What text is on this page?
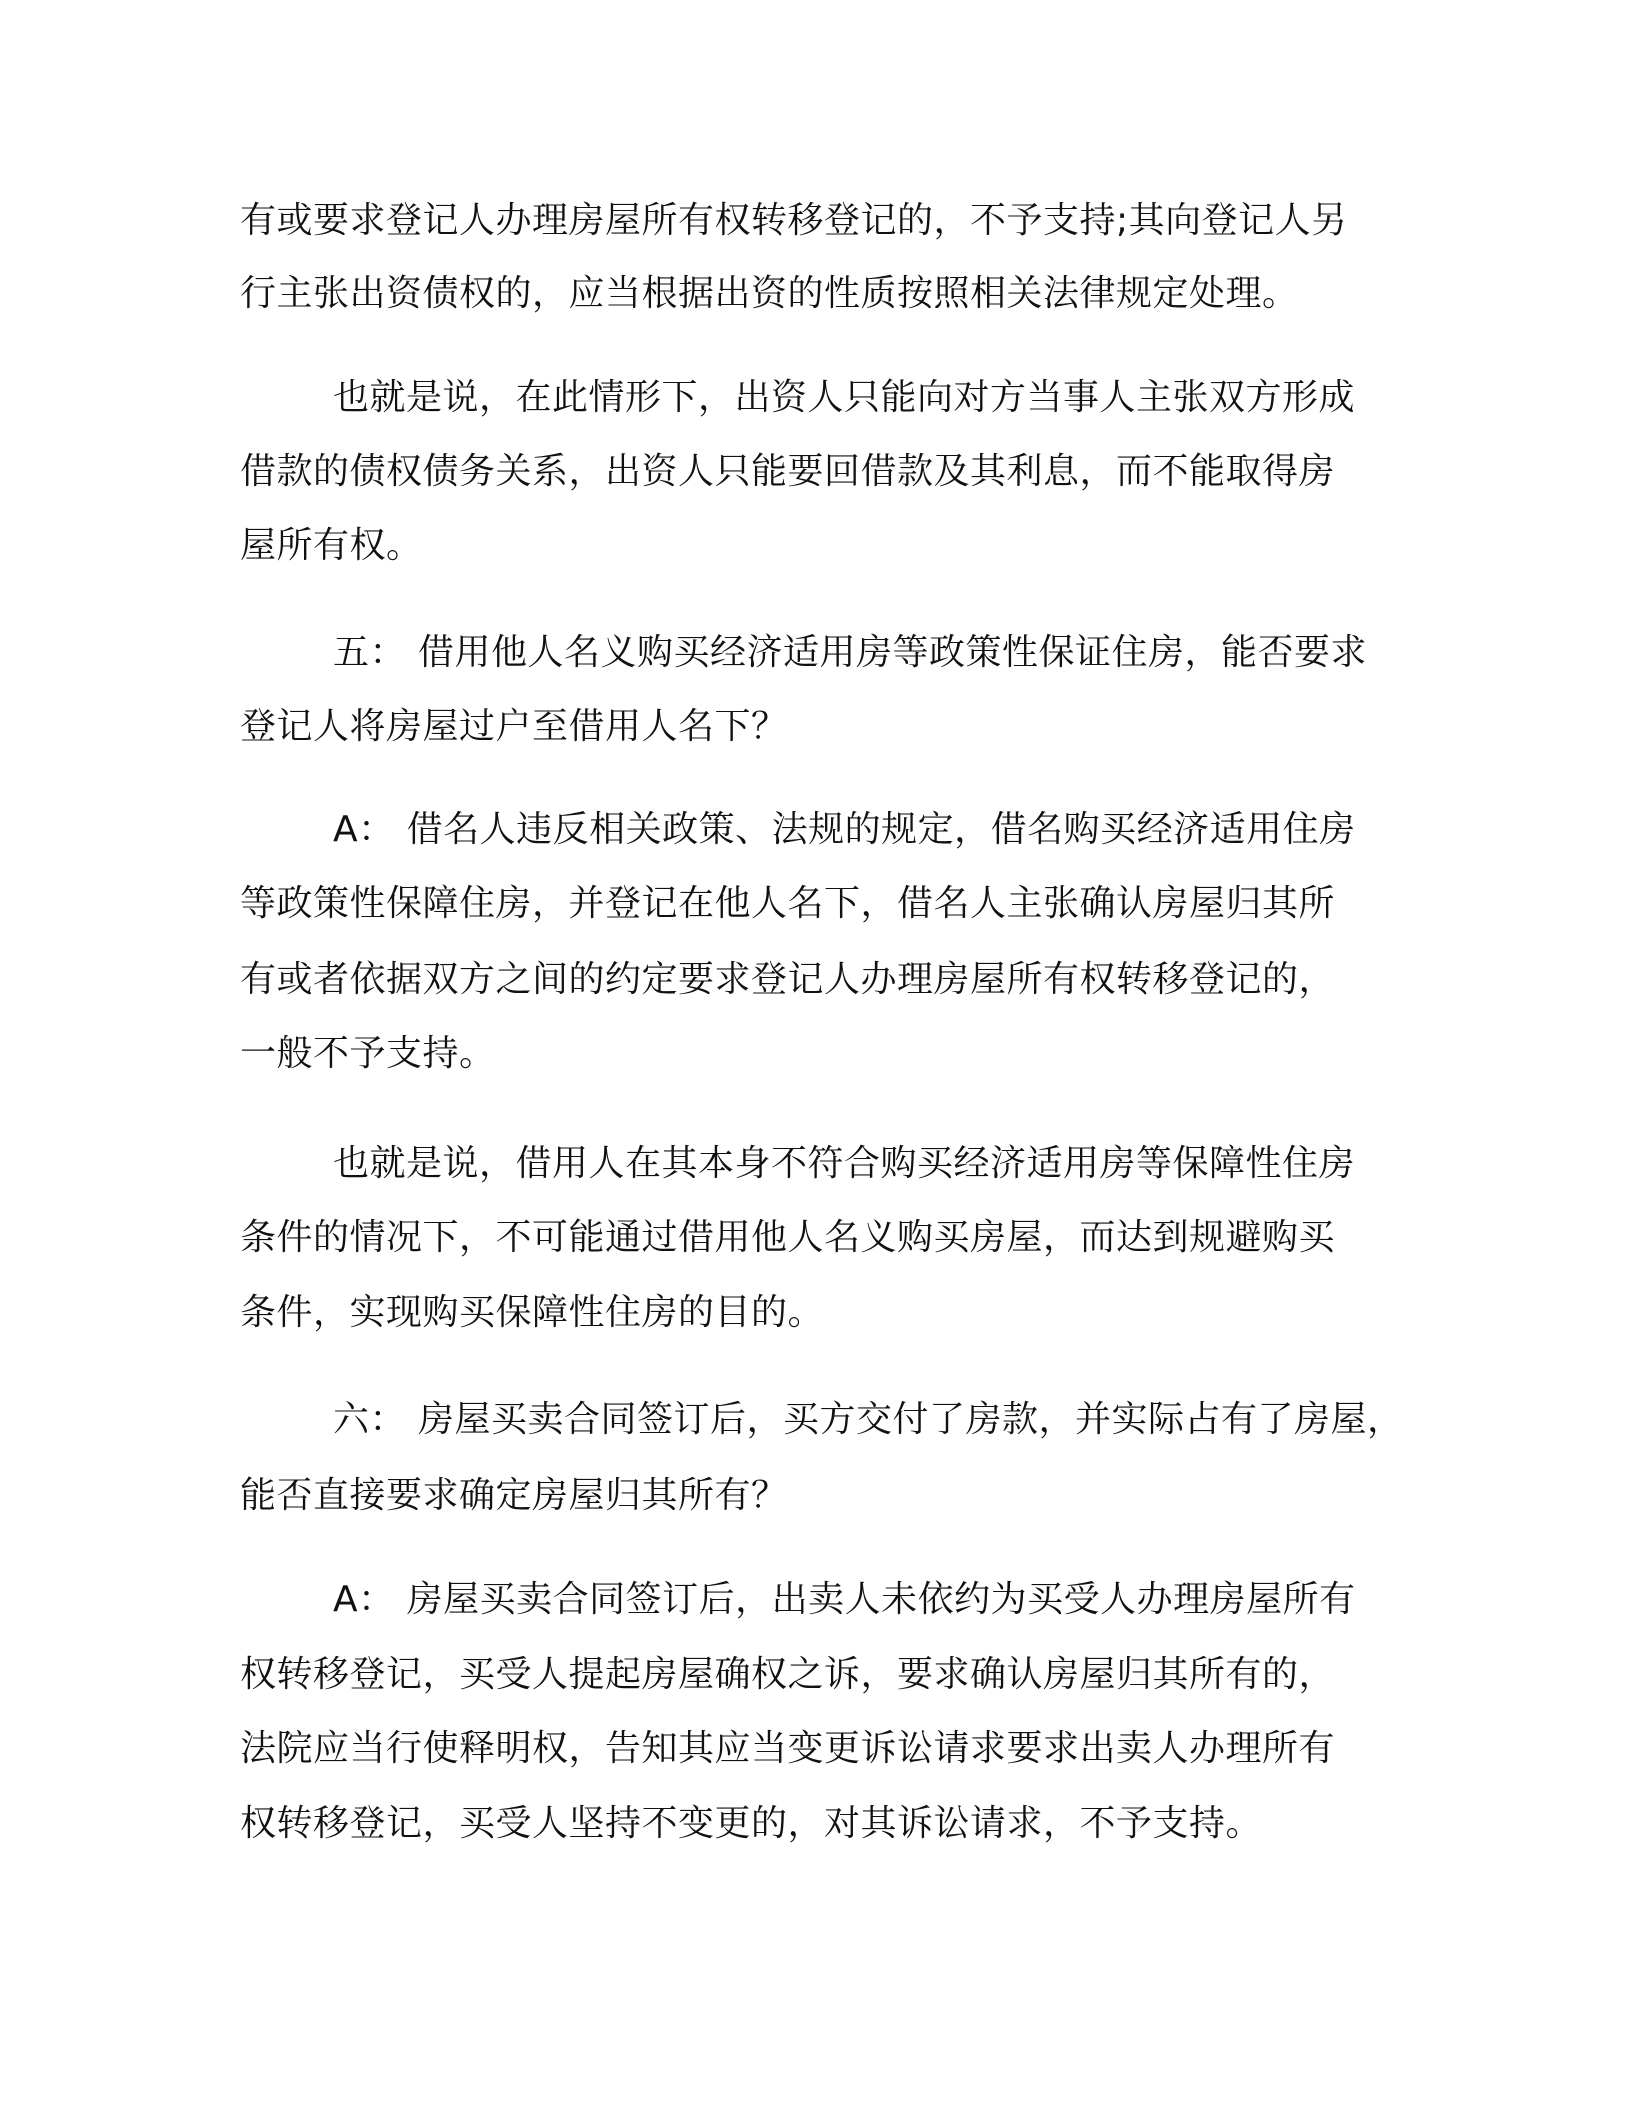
有或要求登记人办理房屋所有权转移登记的，不予支持;其向登记人另
行主张出资债权的，应当根据出资的性质按照相关法律规定处理。
也就是说，在此情形下，出资人只能向对方当事人主张双方形成
借款的债权债务关系，出资人只能要回借款及其利息，而不能取得房
屋所有权。
五： 借用他人名义购买经济适用房等政策性保证住房，能否要求
登记人将房屋过户至借用人名下？
A： 借名人违反相关政策、法规的规定，借名购买经济适用住房
等政策性保障住房，并登记在他人名下，借名人主张确认房屋归其所
有或者依据双方之间的约定要求登记人办理房屋所有权转移登记的，
一般不予支持。
也就是说，借用人在其本身不符合购买经济适用房等保障性住房
条件的情况下，不可能通过借用他人名义购买房屋，而达到规避购买
条件，实现购买保障性住房的目的。
六： 房屋买卖合同签订后，买方交付了房款，并实际占有了房屋，
能否直接要求确定房屋归其所有？
A： 房屋买卖合同签订后，出卖人未依约为买受人办理房屋所有
权转移登记，买受人提起房屋确权之诉，要求确认房屋归其所有的，
法院应当行使释明权，告知其应当变更诉讼请求要求出卖人办理所有
权转移登记，买受人坚持不变更的，对其诉讼请求，不予支持。
